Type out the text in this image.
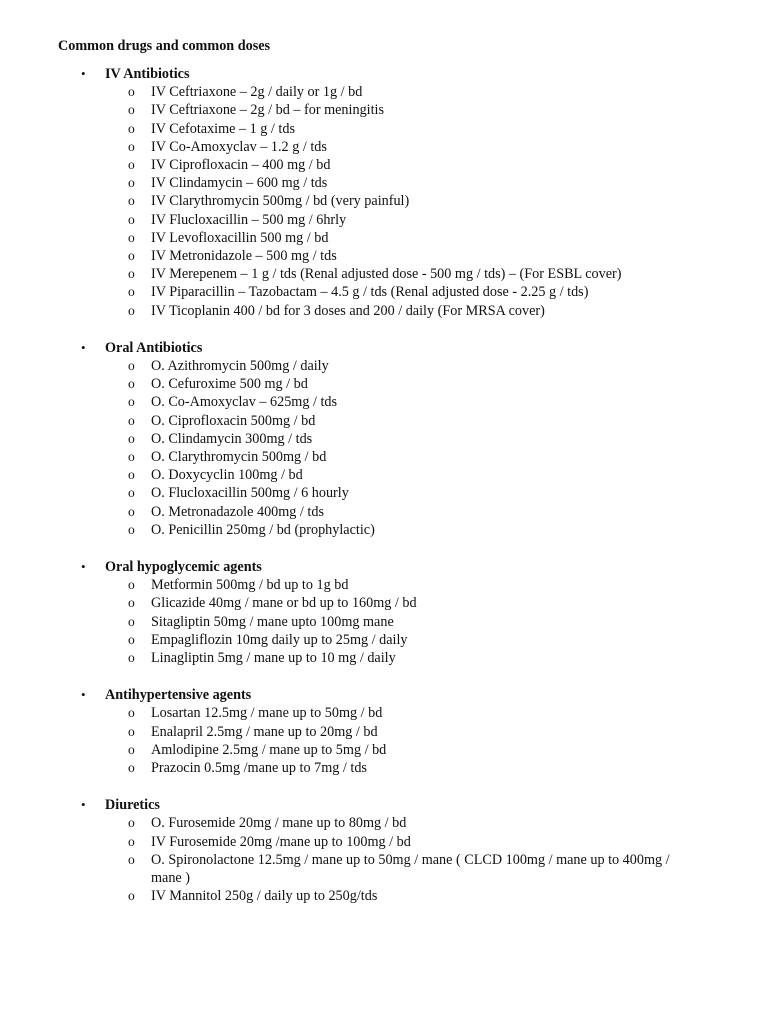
Common drugs and common doses
• IV Antibiotics
o IV Ceftriaxone – 2g / daily or 1g / bd
o IV Ceftriaxone – 2g / bd – for meningitis
o IV Cefotaxime – 1 g / tds
o IV Co-Amoxyclav – 1.2 g / tds
o IV Ciprofloxacin – 400 mg / bd
o IV Clindamycin – 600 mg / tds
o IV Clarythromycin 500mg / bd (very painful)
o IV Flucloxacillin – 500 mg / 6hrly
o IV Levofloxacillin 500 mg / bd
o IV Metronidazole – 500 mg / tds
o IV Merepenem – 1 g / tds (Renal adjusted dose - 500 mg / tds) – (For ESBL cover)
o IV Piparacillin – Tazobactam – 4.5 g / tds (Renal adjusted dose - 2.25 g / tds)
o IV Ticoplanin 400 / bd for 3 doses and 200 / daily (For MRSA cover)
• Oral Antibiotics
o O. Azithromycin 500mg / daily
o O. Cefuroxime 500 mg / bd
o O. Co-Amoxyclav – 625mg / tds
o O. Ciprofloxacin 500mg / bd
o O. Clindamycin 300mg / tds
o O. Clarythromycin 500mg / bd
o O. Doxycyclin 100mg / bd
o O. Flucloxacillin 500mg / 6 hourly
o O. Metronadazole 400mg / tds
o O. Penicillin 250mg / bd (prophylactic)
• Oral hypoglycemic agents
o Metformin 500mg / bd up to 1g bd
o Glicazide 40mg / mane or bd up to 160mg / bd
o Sitagliptin 50mg / mane upto 100mg mane
o Empagliflozin 10mg daily up to 25mg / daily
o Linagliptin 5mg / mane up to 10 mg / daily
• Antihypertensive agents
o Losartan 12.5mg / mane up to 50mg / bd
o Enalapril 2.5mg / mane up to 20mg / bd
o Amlodipine 2.5mg / mane up to 5mg / bd
o Prazocin 0.5mg /mane up to 7mg / tds
• Diuretics
o O. Furosemide 20mg / mane up to 80mg / bd
o IV Furosemide 20mg /mane up to 100mg / bd
o O. Spironolactone 12.5mg / mane up to 50mg / mane ( CLCD 100mg / mane up to 400mg / mane )
o IV Mannitol 250g / daily up to 250g/tds
